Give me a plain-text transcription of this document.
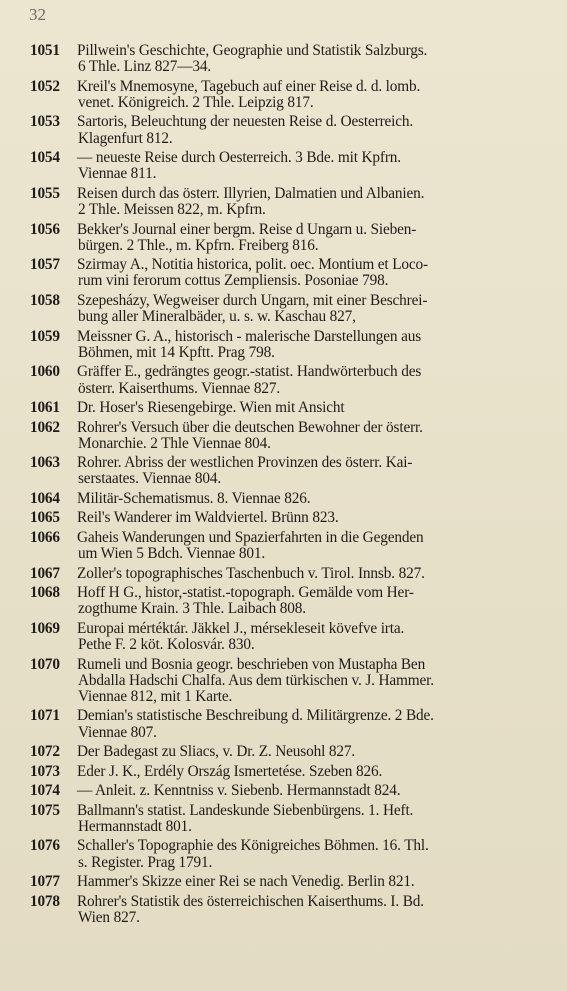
32
1051	Pillwein's Geschichte, Geographie und Statistik Salzburgs.
6 Thle. Linz 827—34.
1052	Kreil's Mnemosyne, Tagebuch auf einer Reise d. d. lomb.
venet. Königreich. 2 Thle. Leipzig 817.
1053	Sartoris, Beleuchtung der neuesten Reise d. Oesterreich.
Klagenfurt 812.
1054	— neueste Reise durch Oesterreich. 3 Bde. mit Kpfrn.
Viennae 811.
1055	Reisen durch das österr. Illyrien, Dalmatien und Albanien.
2 Thle. Meissen 822, m. Kpfrn.
1056	Bekker's Journal einer bergm. Reise d Ungarn u. Sieben-
bürgen. 2 Thle., m. Kpfrn. Freiberg 816.
1057	Szirmay A., Notitia historica, polit. oec. Montium et Loco-
rum vini ferorum cottus Zempliensis. Posoniae 798.
1058	Szepesházy, Wegweiser durch Ungarn, mit einer Beschrei-
bung aller Mineralbäder, u. s. w. Kaschau 827,
1059	Meissner G. A., historisch - malerische Darstellungen aus
Böhmen, mit 14 Kpftt. Prag 798.
1060	Gräffer E., gedrängtes geogr.-statist. Handwörterbuch des
österr. Kaiserthums. Viennae 827.
1061	Dr. Hoser's Riesengebirge. Wien mit Ansicht
1062	Rohrer's Versuch über die deutschen Bewohner der österr.
Monarchie. 2 Thle Viennae 804.
1063	Rohrer. Abriss der westlichen Provinzen des österr. Kai-
serstaates. Viennae 804.
1064	Militär-Schematismus. 8. Viennae 826.
1065	Reil's Wanderer im Waldviertel. Brünn 823.
1066	Gaheis Wanderungen und Spazierfahrten in die Gegenden
um Wien 5 Bdch. Viennae 801.
1067	Zoller's topographisches Taschenbuch v. Tirol. Innsb. 827.
1068	Hoff H G., histor,-statist.-topograph. Gemälde vom Her-
zogthume Krain. 3 Thle. Laibach 808.
1069	Europai mértéktár. Jäkkel J., mérsekleseit kövefve irta.
Pethe F. 2 köt. Kolosvár. 830.
1070	Rumeli und Bosnia geogr. beschrieben von Mustapha Ben
Abdalla Hadschi Chalfa. Aus dem türkischen v. J. Hammer.
Viennae 812, mit 1 Karte.
1071	Demian's statistische Beschreibung d. Militärgrenze. 2 Bde.
Viennae 807.
1072	Der Badegast zu Sliacs, v. Dr. Z. Neusohl 827.
1073	Eder J. K., Erdély Ország Ismertetése. Szeben 826.
1074	— Anleit. z. Kenntniss v. Siebenb. Hermannstadt 824.
1075	Ballmann's statist. Landeskunde Siebenbürgens. 1. Heft.
Hermannstadt 801.
1076	Schaller's Topographie des Königreiches Böhmen. 16. Thl.
s. Register. Prag 1791.
1077	Hammer's Skizze einer Rei se nach Venedig. Berlin 821.
1078	Rohrer's Statistik des österreichischen Kaiserthums. I. Bd.
Wien 827.
